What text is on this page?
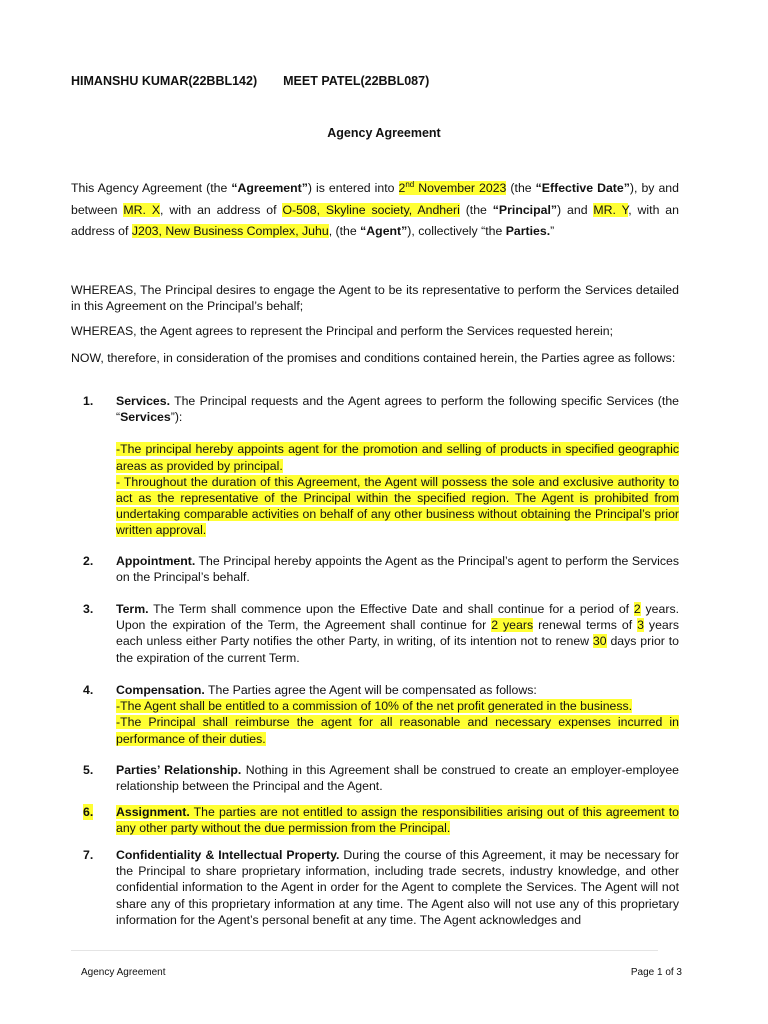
HIMANSHU KUMAR(22BBL142) MEET PATEL(22BBL087)
Agency Agreement
This Agency Agreement (the “Agreement”) is entered into 2nd November 2023 (the “Effective Date”), by and between MR. X, with an address of O-508, Skyline society, Andheri (the “Principal”) and MR. Y, with an address of J203, New Business Complex, Juhu, (the “Agent”), collectively “the Parties.”
WHEREAS, The Principal desires to engage the Agent to be its representative to perform the Services detailed in this Agreement on the Principal’s behalf;
WHEREAS, the Agent agrees to represent the Principal and perform the Services requested herein;
NOW, therefore, in consideration of the promises and conditions contained herein, the Parties agree as follows:
1. Services. The Principal requests and the Agent agrees to perform the following specific Services (the “Services”):

-The principal hereby appoints agent for the promotion and selling of products in specified geographic areas as provided by principal.
- Throughout the duration of this Agreement, the Agent will possess the sole and exclusive authority to act as the representative of the Principal within the specified region. The Agent is prohibited from undertaking comparable activities on behalf of any other business without obtaining the Principal’s prior written approval.

2. Appointment. The Principal hereby appoints the Agent as the Principal’s agent to perform the Services on the Principal’s behalf.
3. Term. The Term shall commence upon the Effective Date and shall continue for a period of 2 years. Upon the expiration of the Term, the Agreement shall continue for 2 years renewal terms of 3 years each unless either Party notifies the other Party, in writing, of its intention not to renew 30 days prior to the expiration of the current Term.
4. Compensation. The Parties agree the Agent will be compensated as follows:
-The Agent shall be entitled to a commission of 10% of the net profit generated in the business.
-The Principal shall reimburse the agent for all reasonable and necessary expenses incurred in performance of their duties.
5. Parties’ Relationship. Nothing in this Agreement shall be construed to create an employer-employee relationship between the Principal and the Agent.
6. Assignment. The parties are not entitled to assign the responsibilities arising out of this agreement to any other party without the due permission from the Principal.
7. Confidentiality & Intellectual Property. During the course of this Agreement, it may be necessary for the Principal to share proprietary information, including trade secrets, industry knowledge, and other confidential information to the Agent in order for the Agent to complete the Services. The Agent will not share any of this proprietary information at any time. The Agent also will not use any of this proprietary information for the Agent’s personal benefit at any time. The Agent acknowledges and
Agency Agreement	Page 1 of 3
